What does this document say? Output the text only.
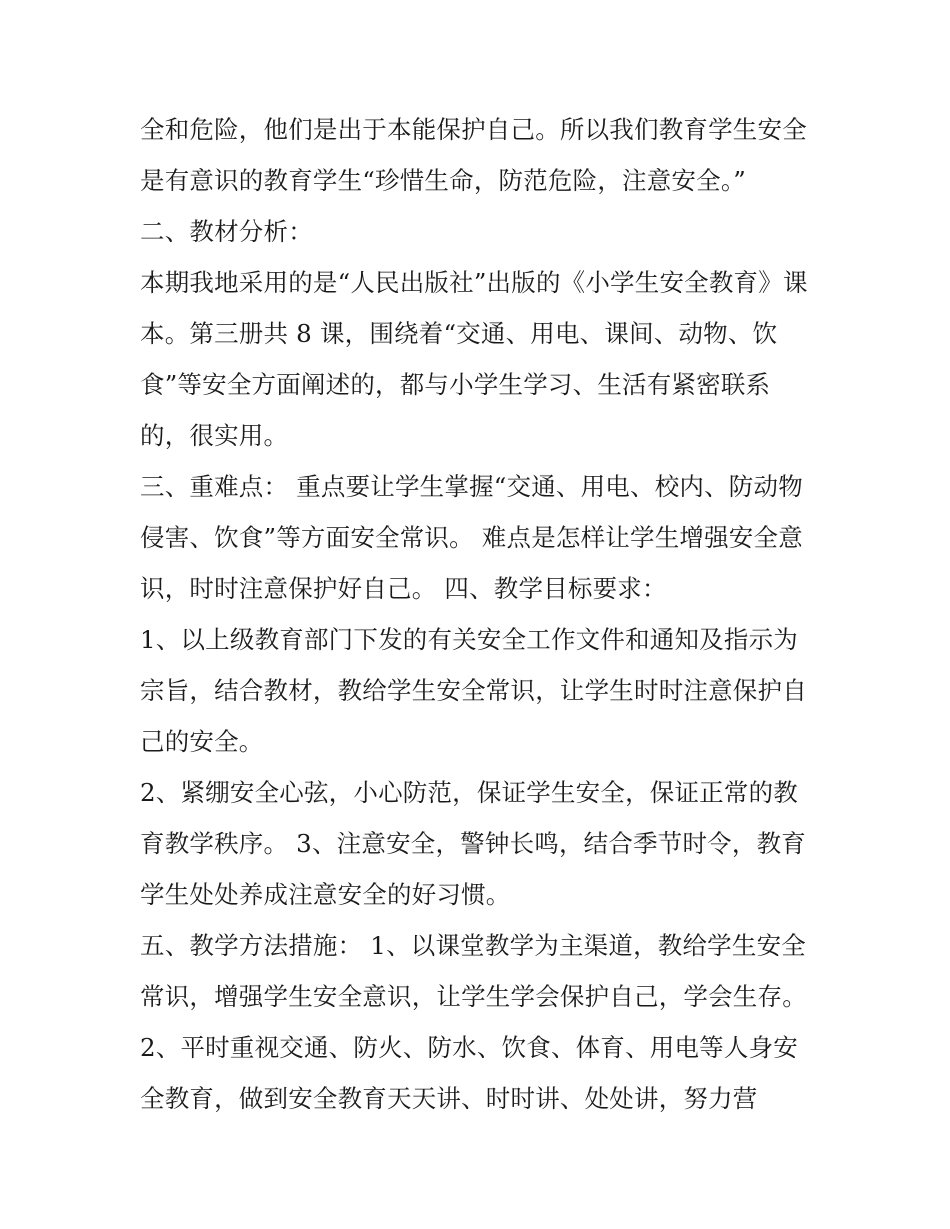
全和危险，他们是出于本能保护自己。所以我们教育学生安全
是有意识的教育学生“珍惜生命，防范危险，注意安全。”
二、教材分析：
本期我地采用的是“人民出版社”出版的《小学生安全教育》课
本。第三册共 8 课，围绕着“交通、用电、课间、动物、饮
食”等安全方面阐述的，都与小学生学习、生活有紧密联系
的，很实用。
三、重难点： 重点要让学生掌握“交通、用电、校内、防动物
侵害、饮食”等方面安全常识。 难点是怎样让学生增强安全意
识，时时注意保护好自己。 四、教学目标要求：
1、以上级教育部门下发的有关安全工作文件和通知及指示为
宗旨，结合教材，教给学生安全常识，让学生时时注意保护自
己的安全。
2、紧绷安全心弦，小心防范，保证学生安全，保证正常的教
育教学秩序。 3、注意安全，警钟长鸣，结合季节时令，教育
学生处处养成注意安全的好习惯。
五、教学方法措施： 1、以课堂教学为主渠道，教给学生安全
常识，增强学生安全意识，让学生学会保护自己，学会生存。
2、平时重视交通、防火、防水、饮食、体育、用电等人身安
全教育，做到安全教育天天讲、时时讲、处处讲，努力营
